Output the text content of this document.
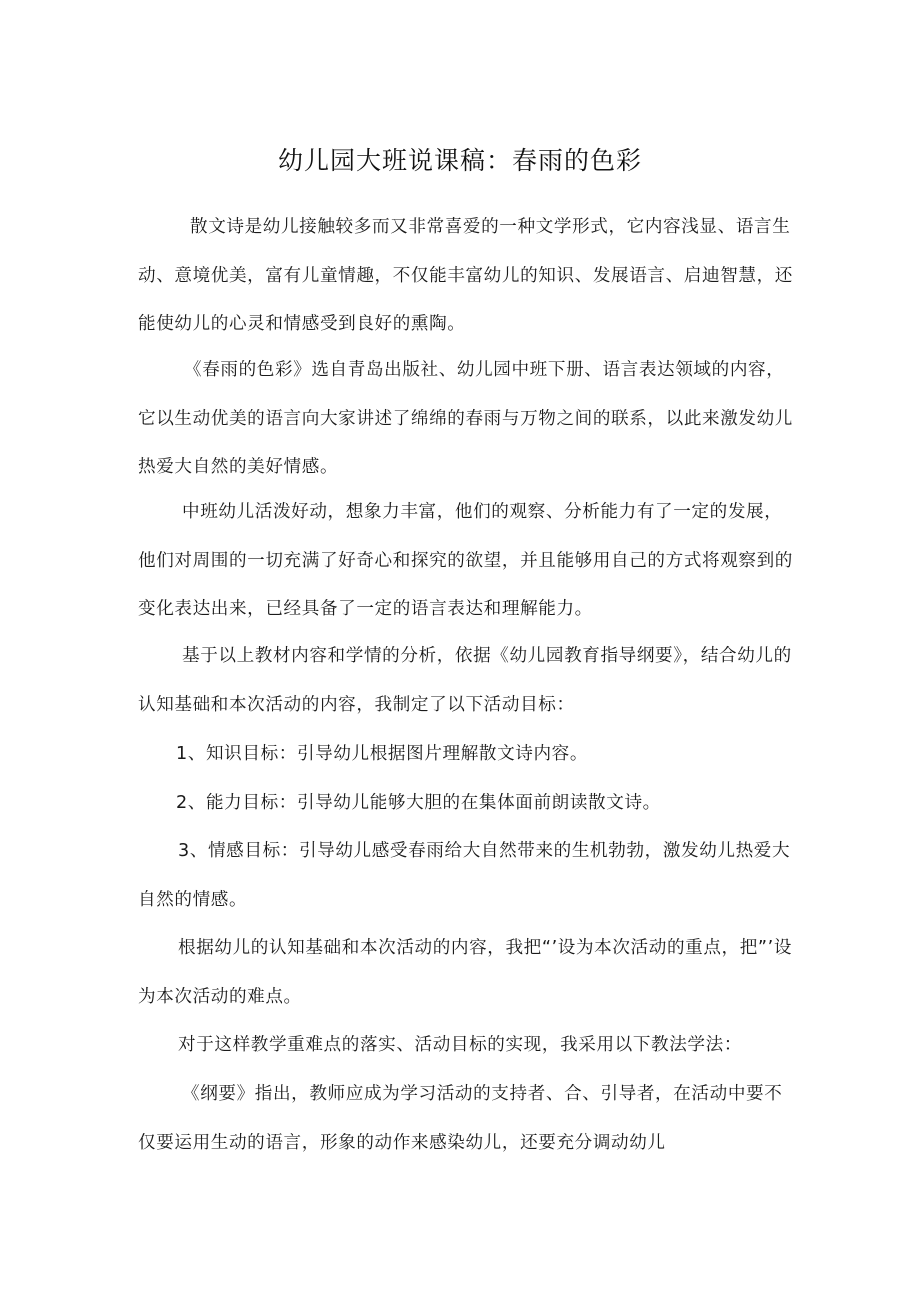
幼儿园大班说课稿：春雨的色彩

散文诗是幼儿接触较多而又非常喜爱的一种文学形式，它内容浅显、语言生动、意境优美，富有儿童情趣，不仅能丰富幼儿的知识、发展语言、启迪智慧，还能使幼儿的心灵和情感受到良好的熏陶。

《春雨的色彩》选自青岛出版社、幼儿园中班下册、语言表达领域的内容，它以生动优美的语言向大家讲述了绵绵的春雨与万物之间的联系，以此来激发幼儿热爱大自然的美好情感。

中班幼儿活泼好动，想象力丰富，他们的观察、分析能力有了一定的发展，他们对周围的一切充满了好奇心和探究的欲望，并且能够用自己的方式将观察到的变化表达出来，已经具备了一定的语言表达和理解能力。

基于以上教材内容和学情的分析，依据《幼儿园教育指导纲要》，结合幼儿的认知基础和本次活动的内容，我制定了以下活动目标：

1、知识目标：引导幼儿根据图片理解散文诗内容。

2、能力目标：引导幼儿能够大胆的在集体面前朗读散文诗。

3、情感目标：引导幼儿感受春雨给大自然带来的生机勃勃，激发幼儿热爱大自然的情感。

根据幼儿的认知基础和本次活动的内容，我把“’设为本次活动的重点，把”’设为本次活动的难点。

对于这样教学重难点的落实、活动目标的实现，我采用以下教法学法：

《纲要》指出，教师应成为学习活动的支持者、合、引导者，在活动中要不仅要运用生动的语言，形象的动作来感染幼儿，还要充分调动幼儿
